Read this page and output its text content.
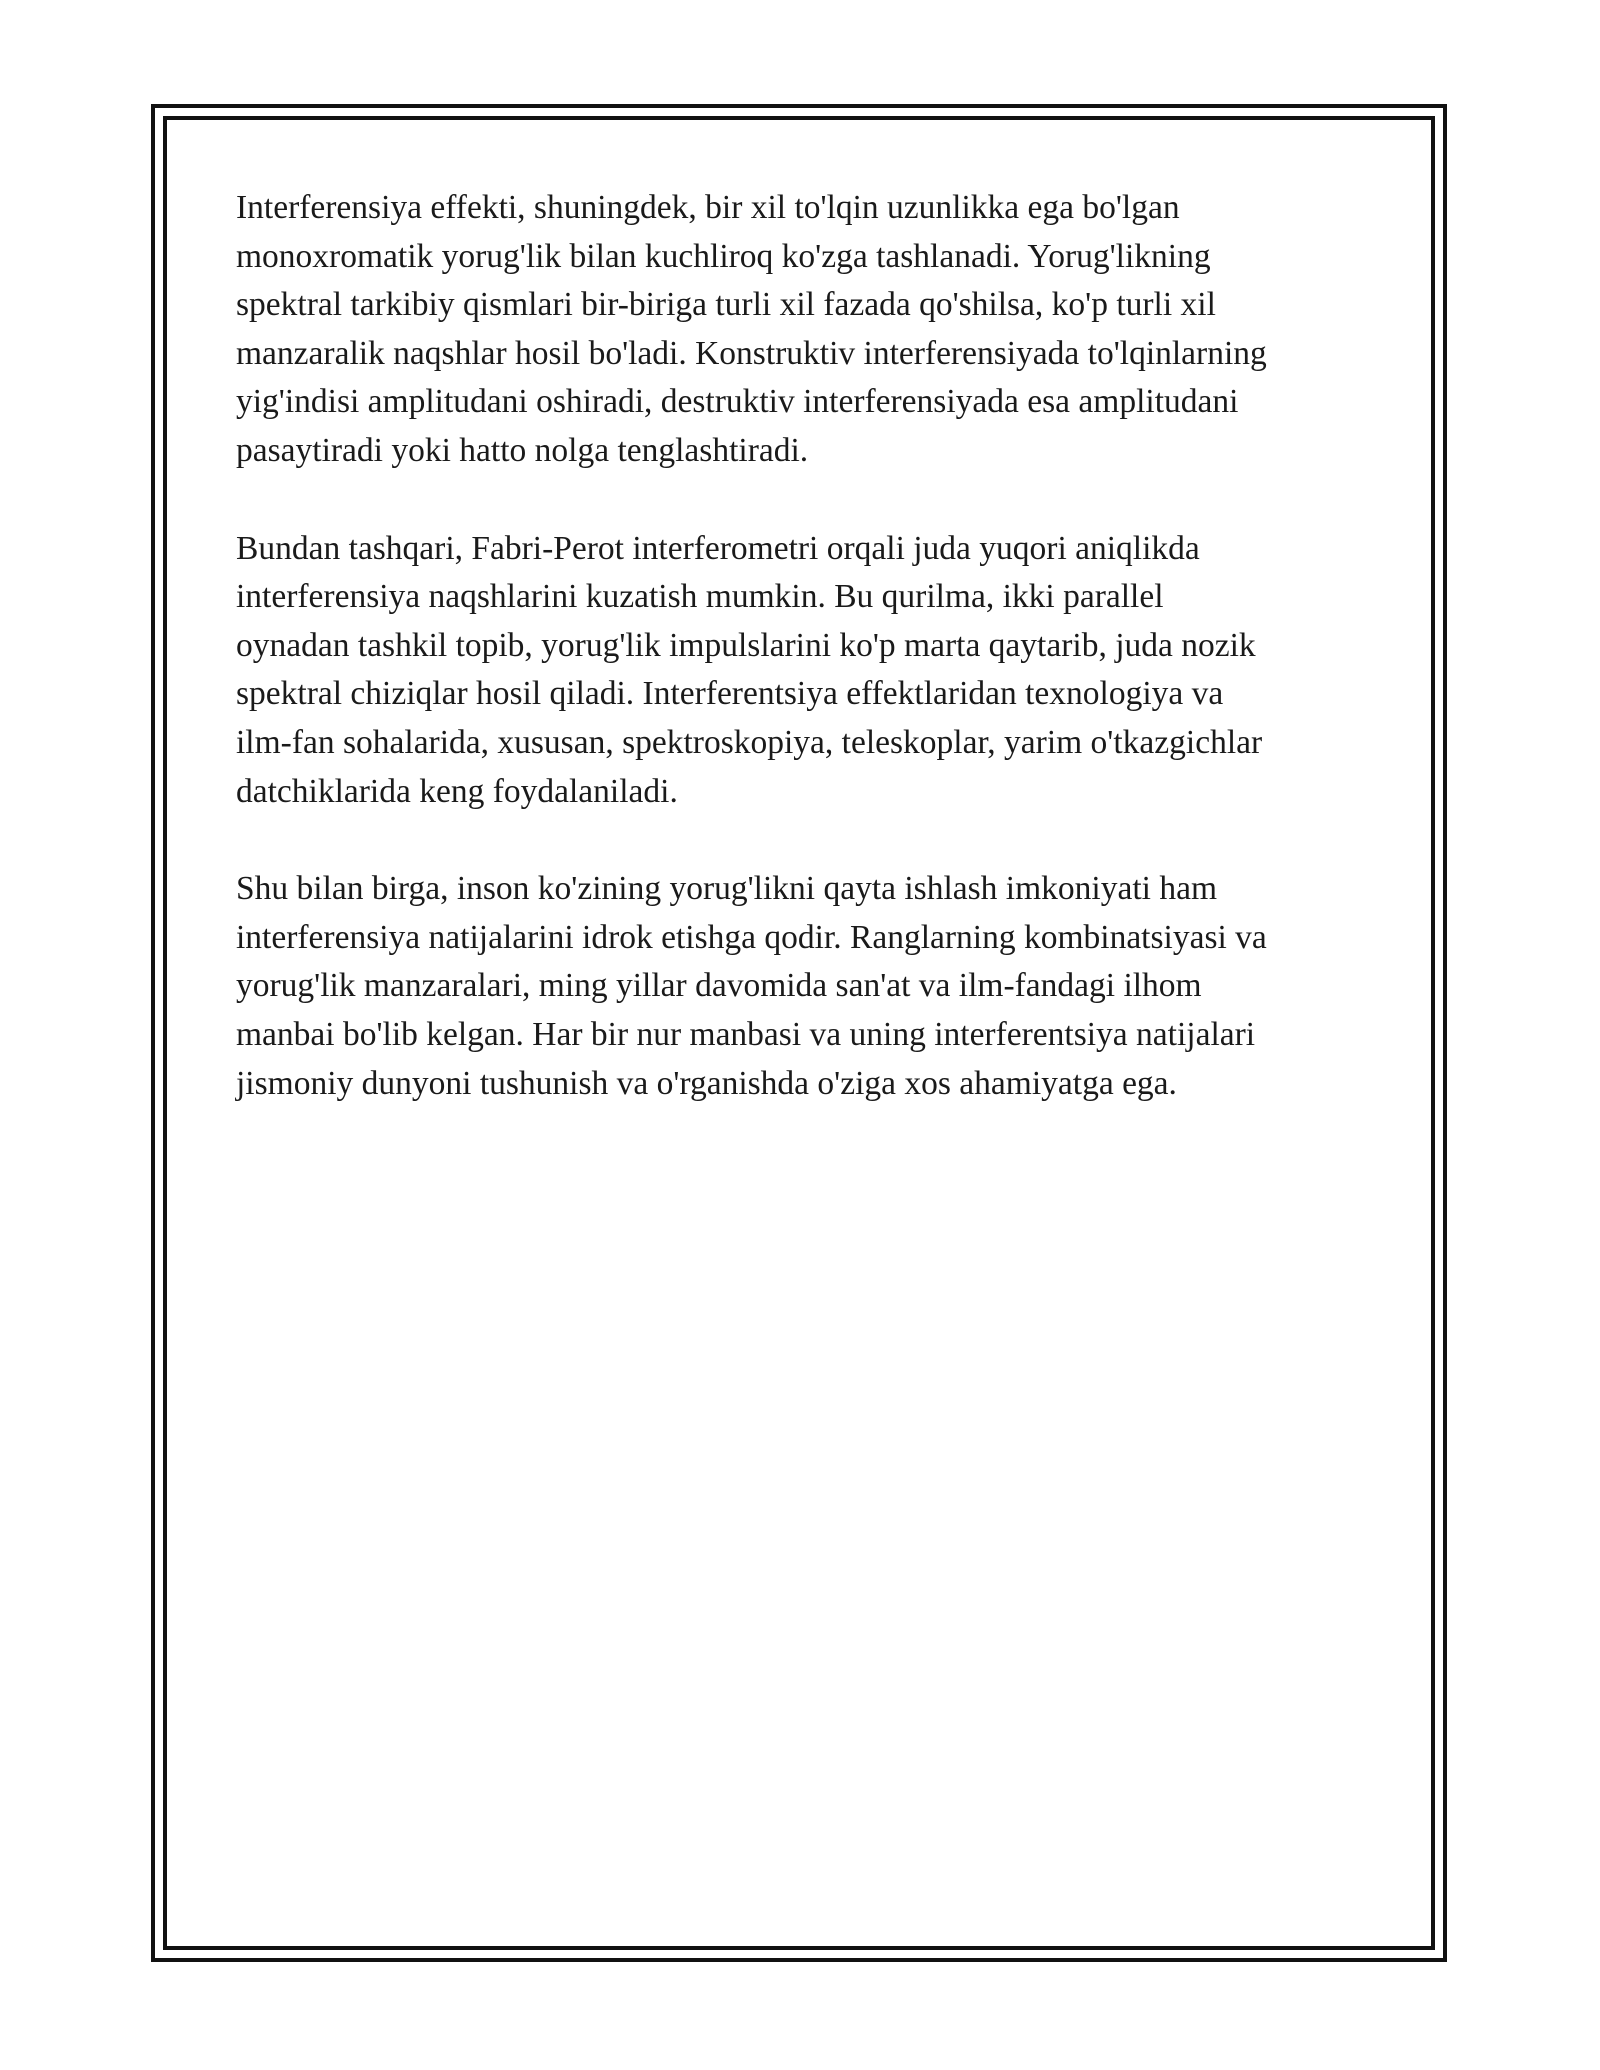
Interferensiya effekti, shuningdek, bir xil to'lqin uzunlikka ega bo'lgan
monoxromatik yorug'lik bilan kuchliroq ko'zga tashlanadi. Yorug'likning
spektral tarkibiy qismlari bir-biriga turli xil fazada qo'shilsa, ko'p turli xil
manzaralik naqshlar hosil bo'ladi. Konstruktiv interferensiyada to'lqinlarning
yig'indisi amplitudani oshiradi, destruktiv interferensiyada esa amplitudani
pasaytiradi yoki hatto nolga tenglashtiradi.

Bundan tashqari, Fabri-Perot interferometri orqali juda yuqori aniqlikda
interferensiya naqshlarini kuzatish mumkin. Bu qurilma, ikki parallel
oynadan tashkil topib, yorug'lik impulslarini ko'p marta qaytarib, juda nozik
spektral chiziqlar hosil qiladi. Interferentsiya effektlaridan texnologiya va
ilm-fan sohalarida, xususan, spektroskopiya, teleskoplar, yarim o'tkazgichlar
datchiklarida keng foydalaniladi.

Shu bilan birga, inson ko'zining yorug'likni qayta ishlash imkoniyati ham
interferensiya natijalarini idrok etishga qodir. Ranglarning kombinatsiyasi va
yorug'lik manzaralari, ming yillar davomida san'at va ilm-fandagi ilhom
manbai bo'lib kelgan. Har bir nur manbasi va uning interferentsiya natijalari
jismoniy dunyoni tushunish va o'rganishda o'ziga xos ahamiyatga ega.
